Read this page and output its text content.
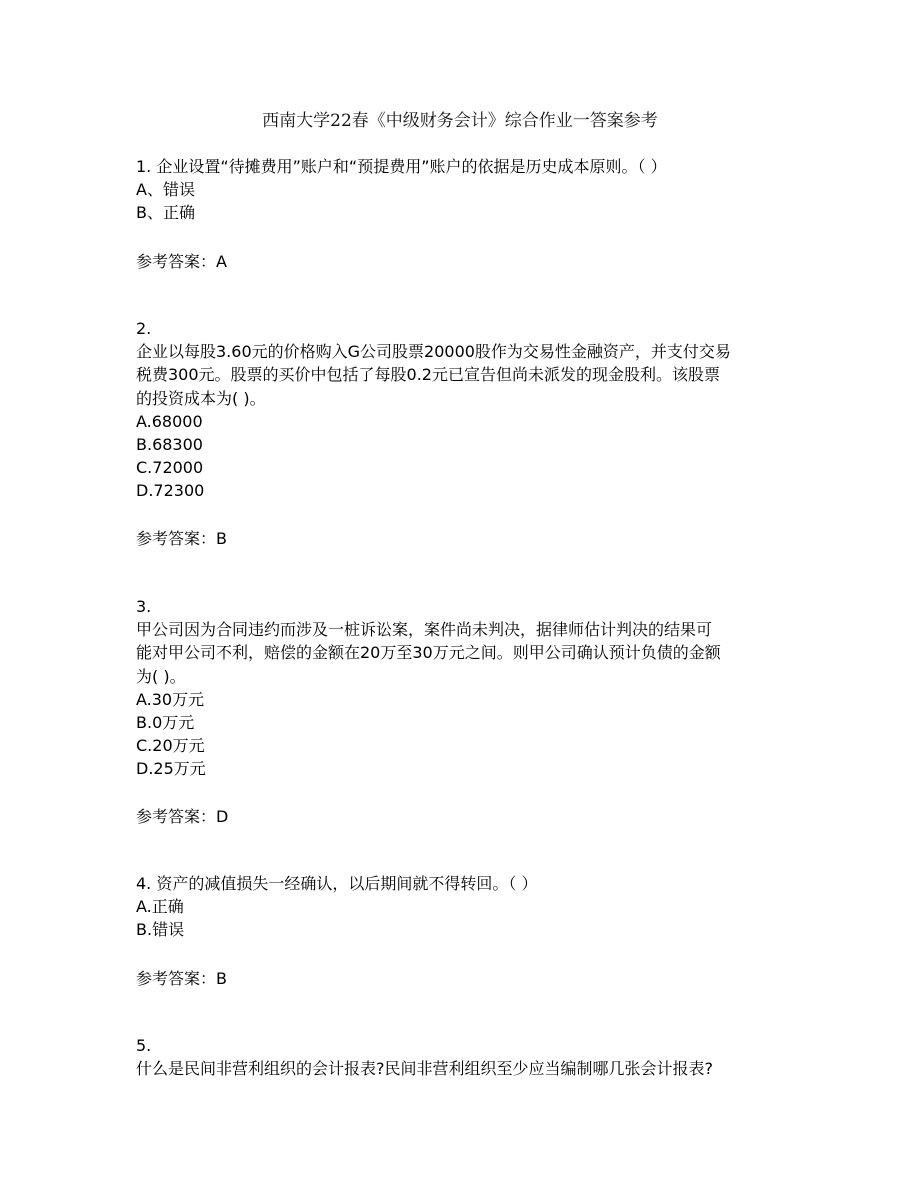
西南大学22春《中级财务会计》综合作业一答案参考
1. 企业设置“待摊费用”账户和“预提费用”账户的依据是历史成本原则。（ ）
A、错误
B、正确
参考答案：A
2.
企业以每股3.60元的价格购入G公司股票20000股作为交易性金融资产，并支付交易
税费300元。股票的买价中包括了每股0.2元已宣告但尚未派发的现金股利。该股票
的投资成本为( )。
A.68000
B.68300
C.72000
D.72300
参考答案：B
3.
甲公司因为合同违约而涉及一桩诉讼案，案件尚未判决，据律师估计判决的结果可
能对甲公司不利，赔偿的金额在20万至30万元之间。则甲公司确认预计负债的金额
为( )。
A.30万元
B.0万元
C.20万元
D.25万元
参考答案：D
4. 资产的减值损失一经确认，以后期间就不得转回。（ ）
A.正确
B.错误
参考答案：B
5.
什么是民间非营利组织的会计报表?民间非营利组织至少应当编制哪几张会计报表?
